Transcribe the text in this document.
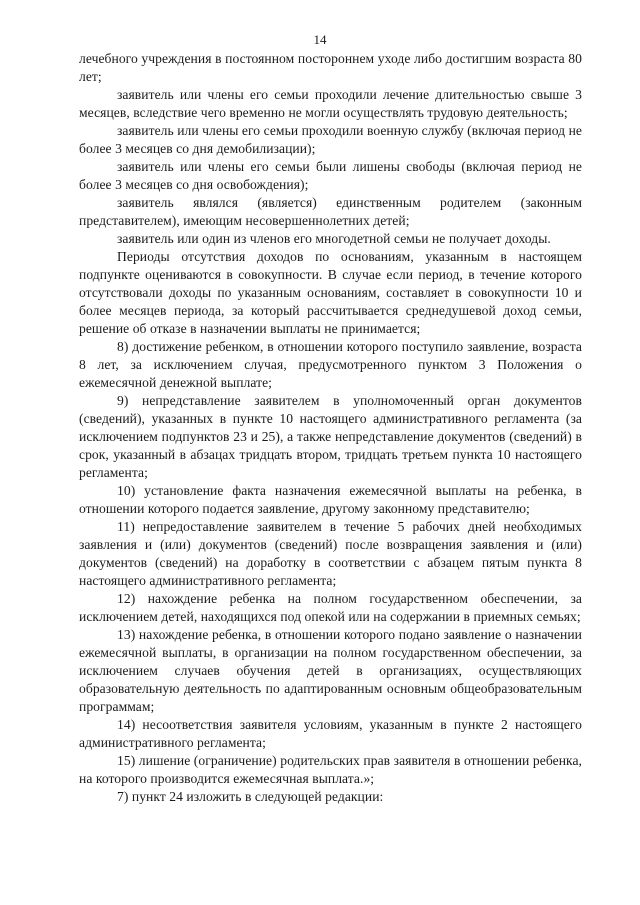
14

лечебного учреждения в постоянном постороннем уходе либо достигшим возраста 80 лет;

заявитель или члены его семьи проходили лечение длительностью свыше 3 месяцев, вследствие чего временно не могли осуществлять трудовую деятельность;

заявитель или члены его семьи проходили военную службу (включая период не более 3 месяцев со дня демобилизации);

заявитель или члены его семьи были лишены свободы (включая период не более 3 месяцев со дня освобождения);

заявитель являлся (является) единственным родителем (законным представителем), имеющим несовершеннолетних детей;

заявитель или один из членов его многодетной семьи не получает доходы.

Периоды отсутствия доходов по основаниям, указанным в настоящем подпункте оцениваются в совокупности. В случае если период, в течение которого отсутствовали доходы по указанным основаниям, составляет в совокупности 10 и более месяцев периода, за который рассчитывается среднедушевой доход семьи, решение об отказе в назначении выплаты не принимается;

8) достижение ребенком, в отношении которого поступило заявление, возраста 8 лет, за исключением случая, предусмотренного пунктом 3 Положения о ежемесячной денежной выплате;

9) непредставление заявителем в уполномоченный орган документов (сведений), указанных в пункте 10 настоящего административного регламента (за исключением подпунктов 23 и 25), а также непредставление документов (сведений) в срок, указанный в абзацах тридцать втором, тридцать третьем пункта 10 настоящего регламента;

10) установление факта назначения ежемесячной выплаты на ребенка, в отношении которого подается заявление, другому законному представителю;

11) непредоставление заявителем в течение 5 рабочих дней необходимых заявления и (или) документов (сведений) после возвращения заявления и (или) документов (сведений) на доработку в соответствии с абзацем пятым пункта 8 настоящего административного регламента;

12) нахождение ребенка на полном государственном обеспечении, за исключением детей, находящихся под опекой или на содержании в приемных семьях;

13) нахождение ребенка, в отношении которого подано заявление о назначении ежемесячной выплаты, в организации на полном государственном обеспечении, за исключением случаев обучения детей в организациях, осуществляющих образовательную деятельность по адаптированным основным общеобразовательным программам;

14) несоответствия заявителя условиям, указанным в пункте 2 настоящего административного регламента;

15) лишение (ограничение) родительских прав заявителя в отношении ребенка, на которого производится ежемесячная выплата.»;

7) пункт 24 изложить в следующей редакции:
